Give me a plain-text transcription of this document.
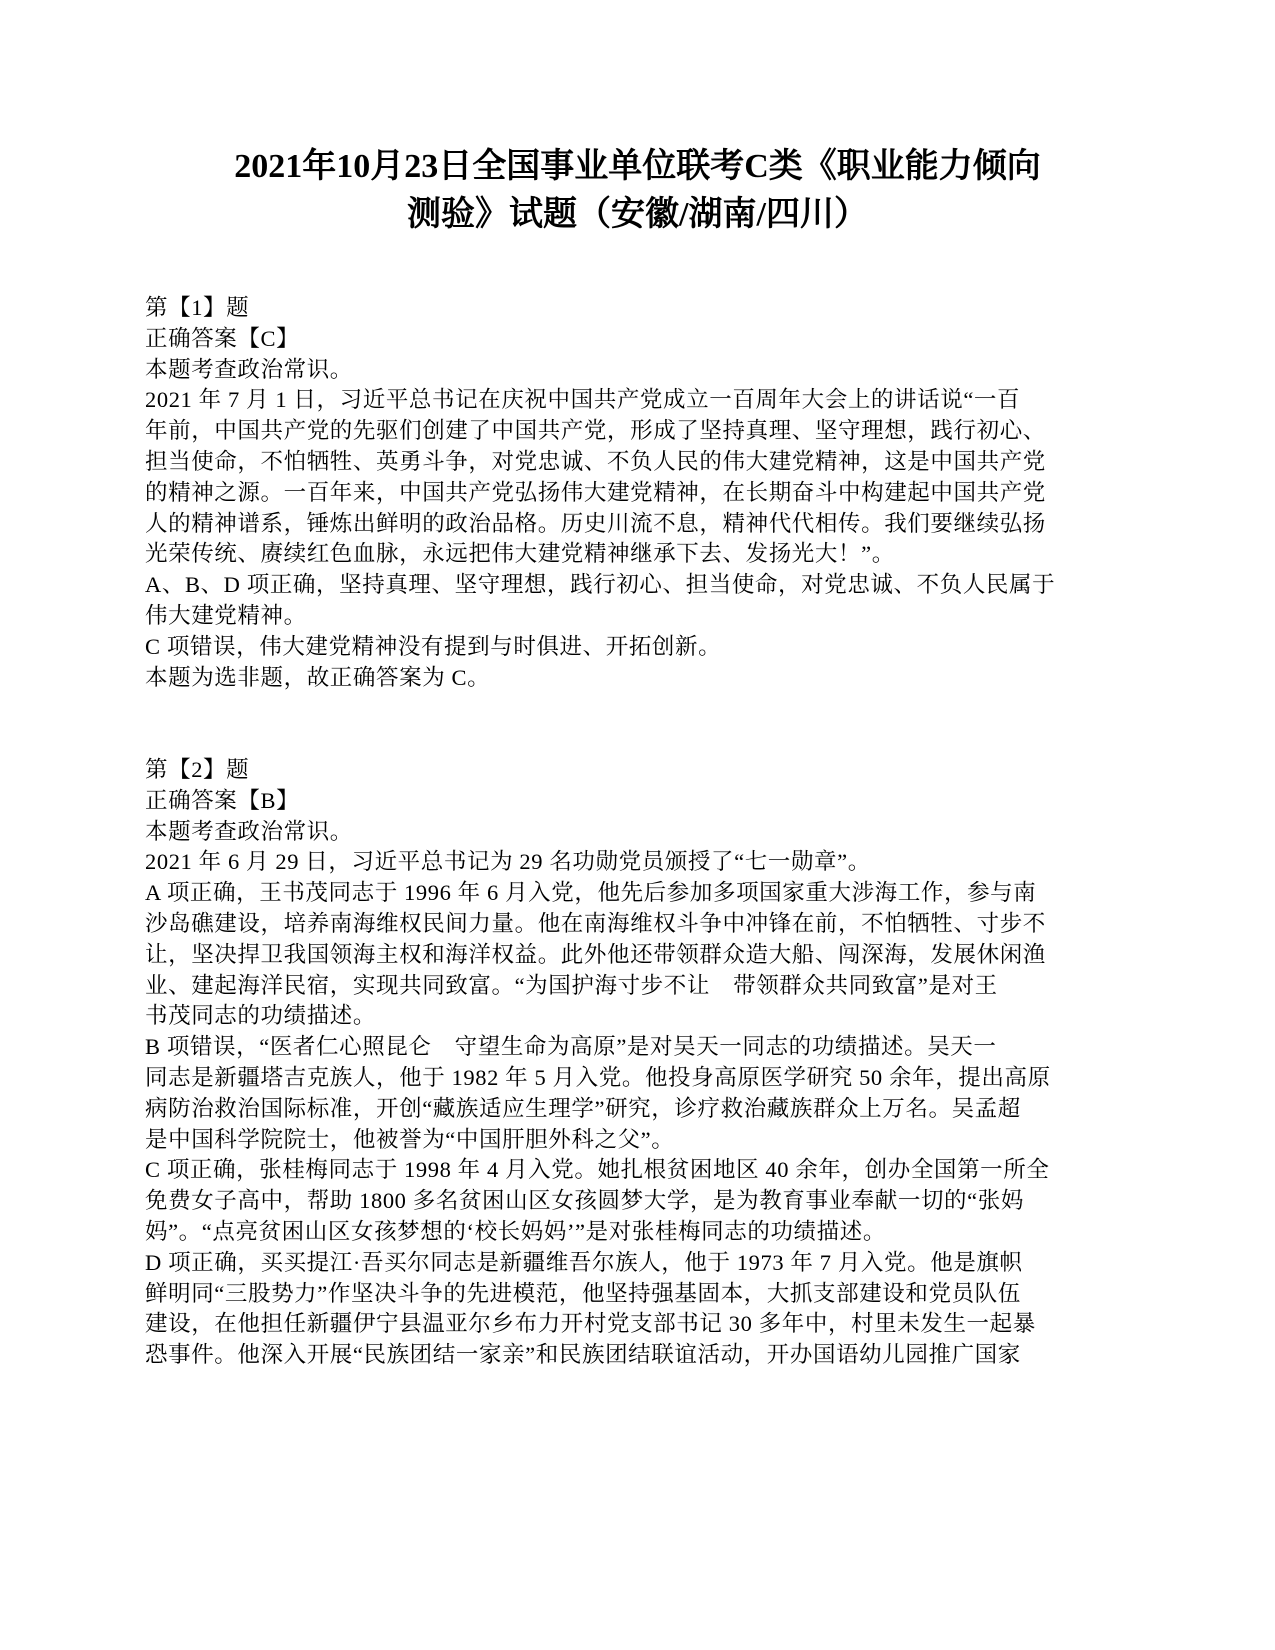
2021年10月23日全国事业单位联考C类《职业能力倾向
测验》试题（安徽/湖南/四川）
第【1】题
正确答案【C】
本题考查政治常识。
2021 年 7 月 1 日，习近平总书记在庆祝中国共产党成立一百周年大会上的讲话说“一百
年前，中国共产党的先驱们创建了中国共产党，形成了坚持真理、坚守理想，践行初心、
担当使命，不怕牺牲、英勇斗争，对党忠诚、不负人民的伟大建党精神，这是中国共产党
的精神之源。一百年来，中国共产党弘扬伟大建党精神，在长期奋斗中构建起中国共产党
人的精神谱系，锤炼出鲜明的政治品格。历史川流不息，精神代代相传。我们要继续弘扬
光荣传统、赓续红色血脉，永远把伟大建党精神继承下去、发扬光大！”。
A、B、D 项正确，坚持真理、坚守理想，践行初心、担当使命，对党忠诚、不负人民属于
伟大建党精神。
C 项错误，伟大建党精神没有提到与时俱进、开拓创新。
本题为选非题，故正确答案为 C。
第【2】题
正确答案【B】
本题考查政治常识。
2021 年 6 月 29 日，习近平总书记为 29 名功勋党员颁授了“七一勋章”。
A 项正确，王书茂同志于 1996 年 6 月入党，他先后参加多项国家重大涉海工作，参与南
沙岛礁建设，培养南海维权民间力量。他在南海维权斗争中冲锋在前，不怕牺牲、寸步不
让，坚决捍卫我国领海主权和海洋权益。此外他还带领群众造大船、闯深海，发展休闲渔
业、建起海洋民宿，实现共同致富。“为国护海寸步不让　带领群众共同致富”是对王
书茂同志的功绩描述。
B 项错误，“医者仁心照昆仑　守望生命为高原”是对吴天一同志的功绩描述。吴天一
同志是新疆塔吉克族人，他于 1982 年 5 月入党。他投身高原医学研究 50 余年，提出高原
病防治救治国际标准，开创“藏族适应生理学”研究，诊疗救治藏族群众上万名。吴孟超
是中国科学院院士，他被誉为“中国肝胆外科之父”。
C 项正确，张桂梅同志于 1998 年 4 月入党。她扎根贫困地区 40 余年，创办全国第一所全
免费女子高中，帮助 1800 多名贫困山区女孩圆梦大学，是为教育事业奉献一切的“张妈
妈”。“点亮贫困山区女孩梦想的‘校长妈妈’”是对张桂梅同志的功绩描述。
D 项正确，买买提江·吾买尔同志是新疆维吾尔族人，他于 1973 年 7 月入党。他是旗帜
鲜明同“三股势力”作坚决斗争的先进模范，他坚持强基固本，大抓支部建设和党员队伍
建设，在他担任新疆伊宁县温亚尔乡布力开村党支部书记 30 多年中，村里未发生一起暴
恐事件。他深入开展“民族团结一家亲”和民族团结联谊活动，开办国语幼儿园推广国家
